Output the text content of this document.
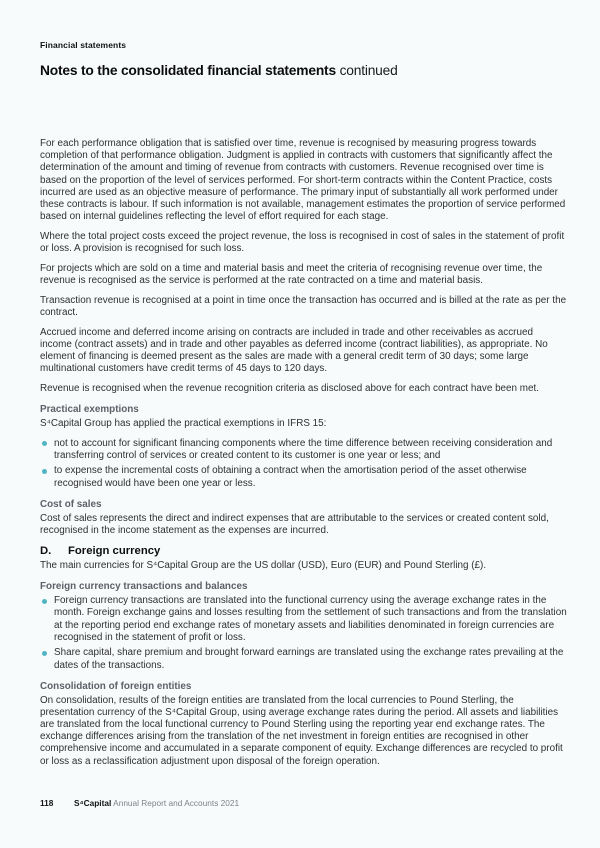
Financial statements
Notes to the consolidated financial statements continued

For each performance obligation that is satisfied over time, revenue is recognised by measuring progress towards completion of that performance obligation. Judgment is applied in contracts with customers that significantly affect the determination of the amount and timing of revenue from contracts with customers. Revenue recognised over time is based on the proportion of the level of services performed. For short-term contracts within the Content Practice, costs incurred are used as an objective measure of performance. The primary input of substantially all work performed under these contracts is labour. If such information is not available, management estimates the proportion of service performed based on internal guidelines reflecting the level of effort required for each stage.

Where the total project costs exceed the project revenue, the loss is recognised in cost of sales in the statement of profit or loss. A provision is recognised for such loss.

For projects which are sold on a time and material basis and meet the criteria of recognising revenue over time, the revenue is recognised as the service is performed at the rate contracted on a time and material basis.

Transaction revenue is recognised at a point in time once the transaction has occurred and is billed at the rate as per the contract.

Accrued income and deferred income arising on contracts are included in trade and other receivables as accrued income (contract assets) and in trade and other payables as deferred income (contract liabilities), as appropriate. No element of financing is deemed present as the sales are made with a general credit term of 30 days; some large multinational customers have credit terms of 45 days to 120 days.

Revenue is recognised when the revenue recognition criteria as disclosed above for each contract have been met.

Practical exemptions

S⁴Capital Group has applied the practical exemptions in IFRS 15:

not to account for significant financing components where the time difference between receiving consideration and transferring control of services or created content to its customer is one year or less; and
to expense the incremental costs of obtaining a contract when the amortisation period of the asset otherwise recognised would have been one year or less.
Cost of sales

Cost of sales represents the direct and indirect expenses that are attributable to the services or created content sold, recognised in the income statement as the expenses are incurred.

D. Foreign currency

The main currencies for S⁴Capital Group are the US dollar (USD), Euro (EUR) and Pound Sterling (£).

Foreign currency transactions and balances
Foreign currency transactions are translated into the functional currency using the average exchange rates in the month. Foreign exchange gains and losses resulting from the settlement of such transactions and from the translation at the reporting period end exchange rates of monetary assets and liabilities denominated in foreign currencies are recognised in the statement of profit or loss.
Share capital, share premium and brought forward earnings are translated using the exchange rates prevailing at the dates of the transactions.
Consolidation of foreign entities

On consolidation, results of the foreign entities are translated from the local currencies to Pound Sterling, the presentation currency of the S⁴Capital Group, using average exchange rates during the period. All assets and liabilities are translated from the local functional currency to Pound Sterling using the reporting year end exchange rates. The exchange differences arising from the translation of the net investment in foreign entities are recognised in other comprehensive income and accumulated in a separate component of equity. Exchange differences are recycled to profit or loss as a reclassification adjustment upon disposal of the foreign operation.

118 S⁴Capital Annual Report and Accounts 2021
